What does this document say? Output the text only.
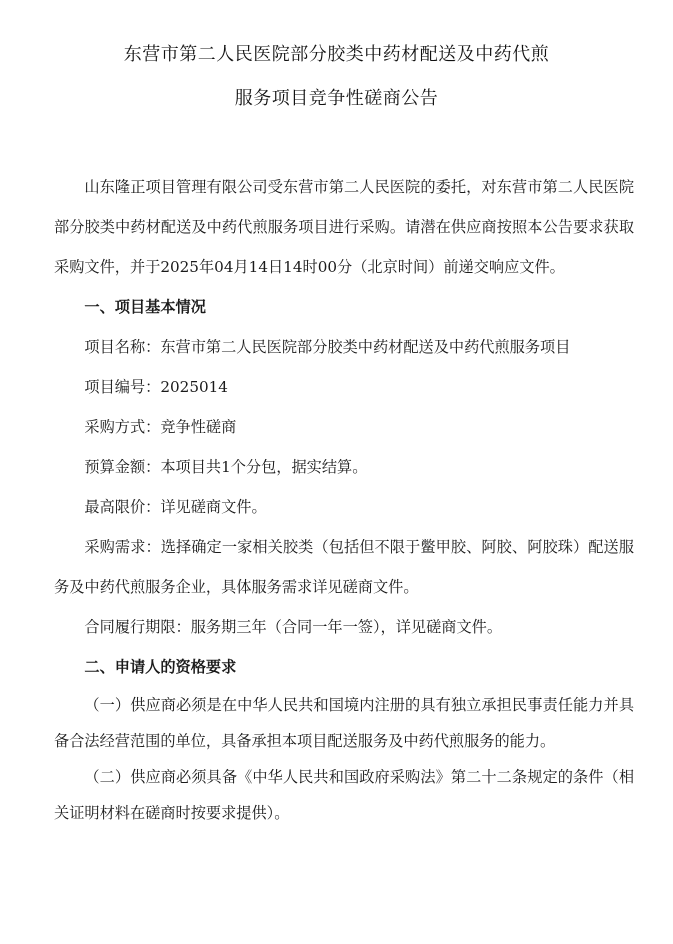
东营市第二人民医院部分胶类中药材配送及中药代煎
服务项目竞争性磋商公告

山东隆正项目管理有限公司受东营市第二人民医院的委托，对东营市第二人民医院部分胶类中药材配送及中药代煎服务项目进行采购。请潜在供应商按照本公告要求获取采购文件，并于2025年04月14日14时00分（北京时间）前递交响应文件。

一、项目基本情况

项目名称：东营市第二人民医院部分胶类中药材配送及中药代煎服务项目

项目编号：2025014

采购方式：竞争性磋商

预算金额：本项目共1个分包，据实结算。

最高限价：详见磋商文件。

采购需求：选择确定一家相关胶类（包括但不限于鳖甲胶、阿胶、阿胶珠）配送服务及中药代煎服务企业，具体服务需求详见磋商文件。

合同履行期限：服务期三年（合同一年一签），详见磋商文件。

二、申请人的资格要求

（一）供应商必须是在中华人民共和国境内注册的具有独立承担民事责任能力并具备合法经营范围的单位，具备承担本项目配送服务及中药代煎服务的能力。

（二）供应商必须具备《中华人民共和国政府采购法》第二十二条规定的条件（相关证明材料在磋商时按要求提供）。
